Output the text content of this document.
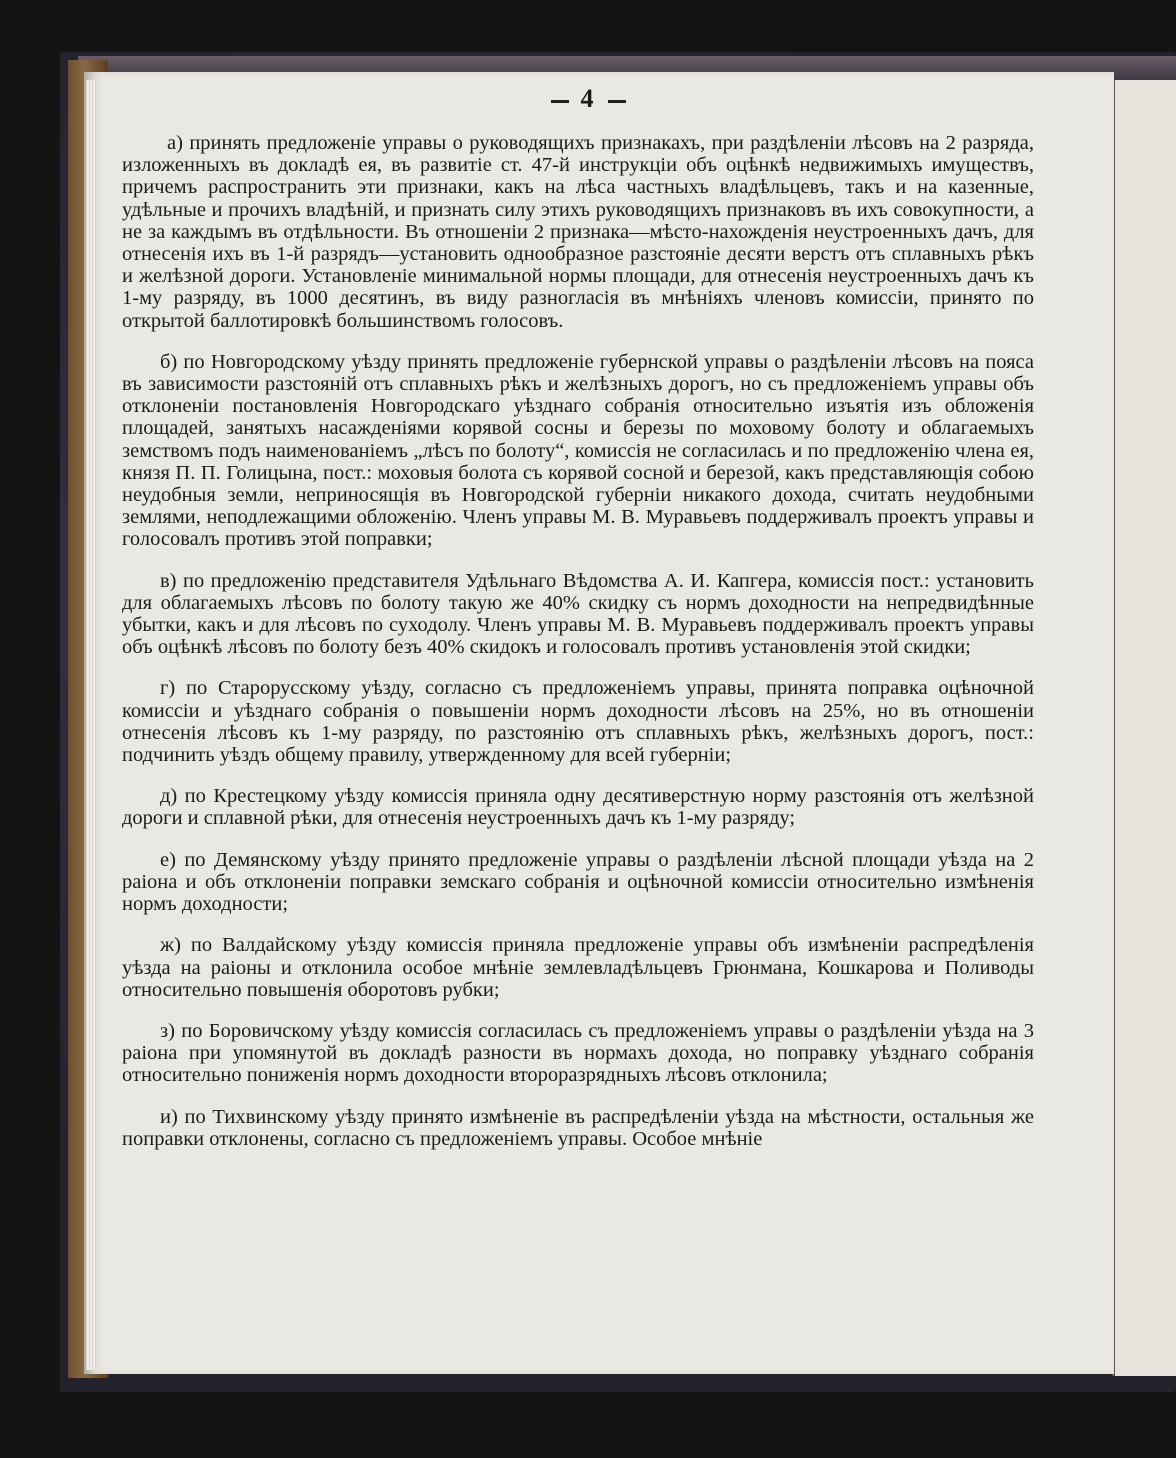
4

а) принять предложеніе управы о руководящихъ признакахъ, при раздѣленіи лѣсовъ на 2 разряда, изложенныхъ въ докладѣ ея, въ развитіе ст. 47-й инструкціи объ оцѣнкѣ недвижимыхъ имуществъ, причемъ распространить эти признаки, какъ на лѣса частныхъ владѣльцевъ, такъ и на казенные, удѣльные и прочихъ владѣній, и признать силу этихъ руководящихъ признаковъ въ ихъ совокупности, а не за каждымъ въ отдѣльности. Въ отношеніи 2 признака—мѣсто-нахожденія неустроенныхъ дачъ, для отнесенія ихъ въ 1-й разрядъ—установить однообразное разстояніе десяти верстъ отъ сплавныхъ рѣкъ и желѣзной дороги. Установленіе минимальной нормы площади, для отнесенія неустроенныхъ дачъ къ 1-му разряду, въ 1000 десятинъ, въ виду разногласія въ мнѣніяхъ членовъ комиссіи, принято по открытой баллотировкѣ большинствомъ голосовъ.

б) по Новгородскому уѣзду принять предложеніе губернской управы о раздѣленіи лѣсовъ на пояса въ зависимости разстояній отъ сплавныхъ рѣкъ и желѣзныхъ дорогъ, но съ предложеніемъ управы объ отклоненіи постановленія Новгородскаго уѣзднаго собранія относительно изъятія изъ обложенія площадей, занятыхъ насажденіями корявой сосны и березы по моховому болоту и облагаемыхъ земствомъ подъ наименованіемъ „лѣсъ по болоту“, комиссія не согласилась и по предложенію члена ея, князя П. П. Голицына, пост.: моховыя болота съ корявой сосной и березой, какъ представляющія собою неудобныя земли, неприносящія въ Новгородской губерніи никакого дохода, считать неудобными землями, неподлежащими обложенію. Членъ управы М. В. Муравьевъ поддерживалъ проектъ управы и голосовалъ противъ этой поправки;

в) по предложенію представителя Удѣльнаго Вѣдомства А. И. Капгера, комиссія пост.: установить для облагаемыхъ лѣсовъ по болоту такую же 40% скидку съ нормъ доходности на непредвидѣнные убытки, какъ и для лѣсовъ по суходолу. Членъ управы М. В. Муравьевъ поддерживалъ проектъ управы объ оцѣнкѣ лѣсовъ по болоту безъ 40% скидокъ и голосовалъ противъ установленія этой скидки;

г) по Старорусскому уѣзду, согласно съ предложеніемъ управы, принята поправка оцѣночной комиссіи и уѣзднаго собранія о повышеніи нормъ доходности лѣсовъ на 25%, но въ отношеніи отнесенія лѣсовъ къ 1-му разряду, по разстоянію отъ сплавныхъ рѣкъ, желѣзныхъ дорогъ, пост.: подчинить уѣздъ общему правилу, утвержденному для всей губерніи;

д) по Крестецкому уѣзду комиссія приняла одну десятиверстную норму разстоянія отъ желѣзной дороги и сплавной рѣки, для отнесенія неустроенныхъ дачъ къ 1-му разряду;

е) по Демянскому уѣзду принято предложеніе управы о раздѣленіи лѣсной площади уѣзда на 2 раіона и объ отклоненіи поправки земскаго собранія и оцѣночной комиссіи относительно измѣненія нормъ доходности;

ж) по Валдайскому уѣзду комиссія приняла предложеніе управы объ измѣненіи распредѣленія уѣзда на раіоны и отклонила особое мнѣніе землевладѣльцевъ Грюнмана, Кошкарова и Поливоды относительно повышенія оборотовъ рубки;

з) по Боровичскому уѣзду комиссія согласилась съ предложеніемъ управы о раздѣленіи уѣзда на 3 раіона при упомянутой въ докладѣ разности въ нормахъ дохода, но поправку уѣзднаго собранія относительно пониженія нормъ доходности второразрядныхъ лѣсовъ отклонила;

и) по Тихвинскому уѣзду принято измѣненіе въ распредѣленіи уѣзда на мѣстности, остальныя же поправки отклонены, согласно съ предложеніемъ управы. Особое мнѣніе
